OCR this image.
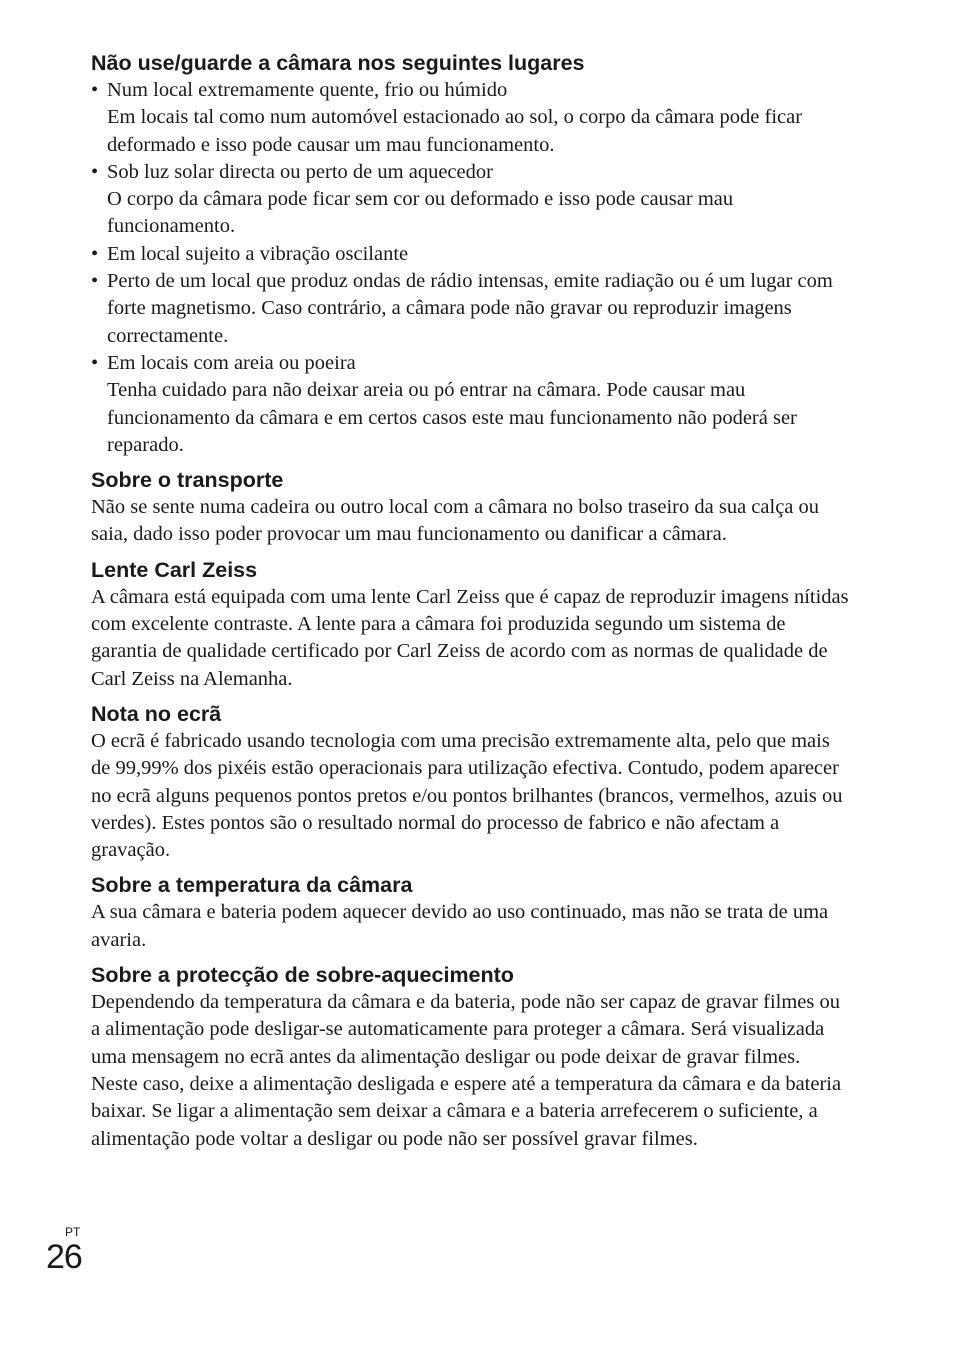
Não use/guarde a câmara nos seguintes lugares
• Num local extremamente quente, frio ou húmido
Em locais tal como num automóvel estacionado ao sol, o corpo da câmara pode ficar deformado e isso pode causar um mau funcionamento.
• Sob luz solar directa ou perto de um aquecedor
O corpo da câmara pode ficar sem cor ou deformado e isso pode causar mau funcionamento.
• Em local sujeito a vibração oscilante
• Perto de um local que produz ondas de rádio intensas, emite radiação ou é um lugar com forte magnetismo. Caso contrário, a câmara pode não gravar ou reproduzir imagens correctamente.
• Em locais com areia ou poeira
Tenha cuidado para não deixar areia ou pó entrar na câmara. Pode causar mau funcionamento da câmara e em certos casos este mau funcionamento não poderá ser reparado.
Sobre o transporte

Não se sente numa cadeira ou outro local com a câmara no bolso traseiro da sua calça ou saia, dado isso poder provocar um mau funcionamento ou danificar a câmara.

Lente Carl Zeiss

A câmara está equipada com uma lente Carl Zeiss que é capaz de reproduzir imagens nítidas com excelente contraste. A lente para a câmara foi produzida segundo um sistema de garantia de qualidade certificado por Carl Zeiss de acordo com as normas de qualidade de Carl Zeiss na Alemanha.

Nota no ecrã

O ecrã é fabricado usando tecnologia com uma precisão extremamente alta, pelo que mais de 99,99% dos pixéis estão operacionais para utilização efectiva. Contudo, podem aparecer no ecrã alguns pequenos pontos pretos e/ou pontos brilhantes (brancos, vermelhos, azuis ou verdes). Estes pontos são o resultado normal do processo de fabrico e não afectam a gravação.

Sobre a temperatura da câmara

A sua câmara e bateria podem aquecer devido ao uso continuado, mas não se trata de uma avaria.

Sobre a protecção de sobre-aquecimento

Dependendo da temperatura da câmara e da bateria, pode não ser capaz de gravar filmes ou a alimentação pode desligar-se automaticamente para proteger a câmara. Será visualizada uma mensagem no ecrã antes da alimentação desligar ou pode deixar de gravar filmes. Neste caso, deixe a alimentação desligada e espere até a temperatura da câmara e da bateria baixar. Se ligar a alimentação sem deixar a câmara e a bateria arrefecerem o suficiente, a alimentação pode voltar a desligar ou pode não ser possível gravar filmes.

PT
26
